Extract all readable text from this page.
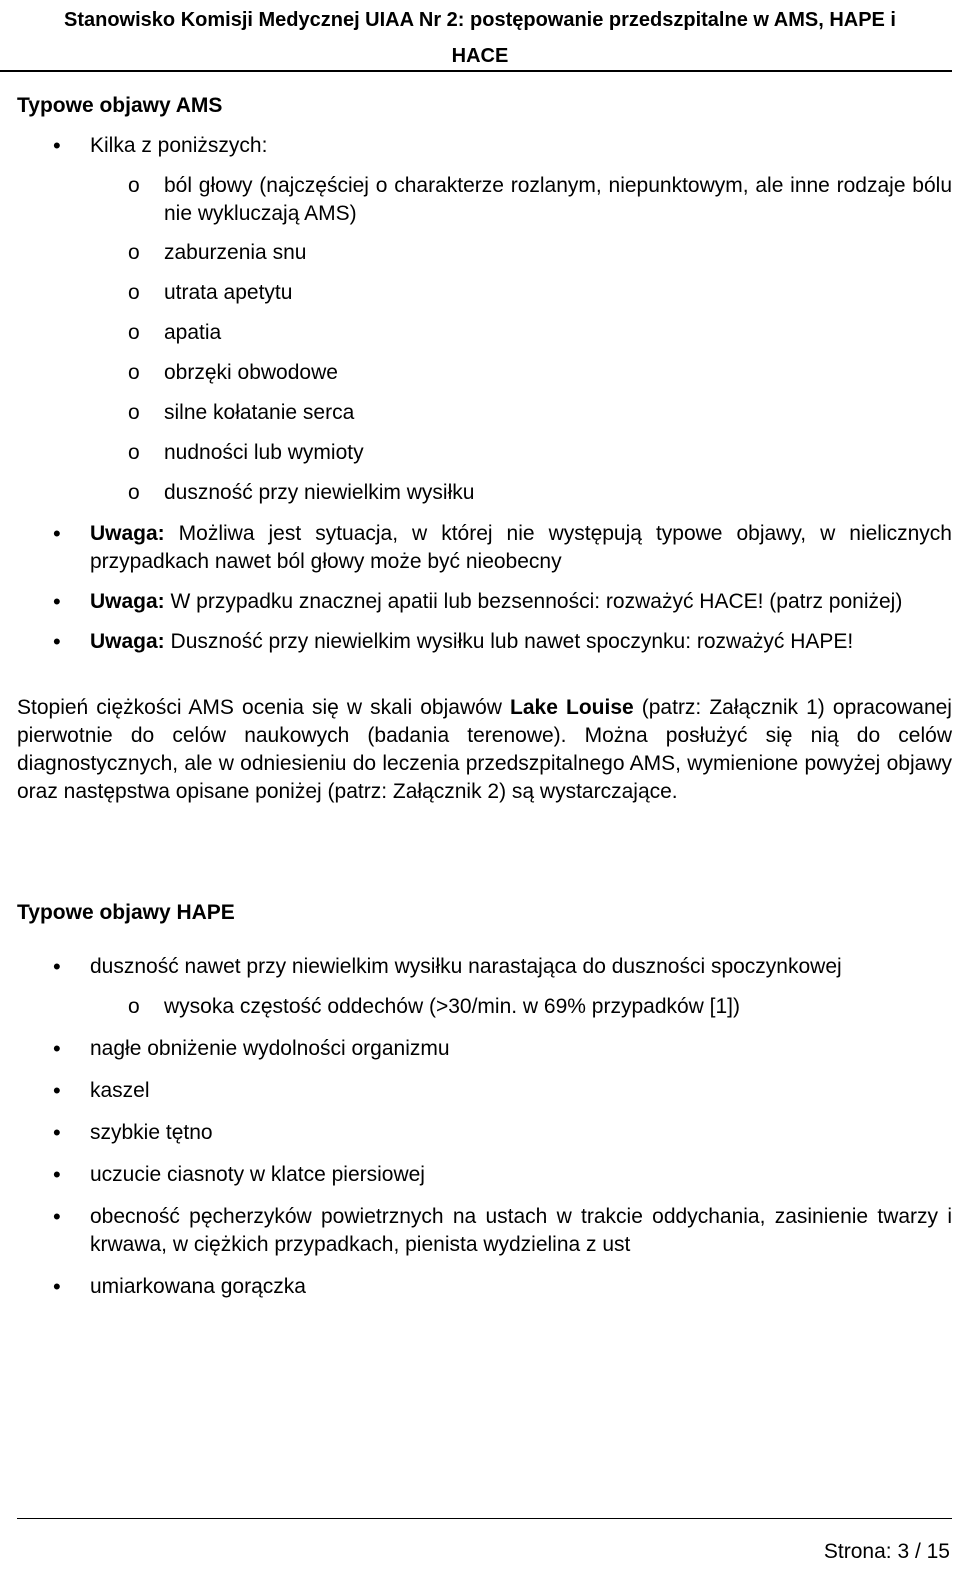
Stanowisko Komisji Medycznej UIAA Nr 2: postępowanie przedszpitalne w AMS, HAPE i
HACE
Typowe objawy AMS
• Kilka z poniższych:
o ból głowy (najczęściej o charakterze rozlanym, niepunktowym, ale inne rodzaje bólu nie wykluczają AMS)
o zaburzenia snu
o utrata apetytu
o apatia
o obrzęki obwodowe
o silne kołatanie serca
o nudności lub wymioty
o duszność przy niewielkim wysiłku
• Uwaga: Możliwa jest sytuacja, w której nie występują typowe objawy, w nielicznych przypadkach nawet ból głowy może być nieobecny
• Uwaga: W przypadku znacznej apatii lub bezsenności: rozważyć HACE! (patrz poniżej)
• Uwaga: Duszność przy niewielkim wysiłku lub nawet spoczynku: rozważyć HAPE!

Stopień ciężkości AMS ocenia się w skali objawów Lake Louise (patrz: Załącznik 1) opracowanej pierwotnie do celów naukowych (badania terenowe). Można posłużyć się nią do celów diagnostycznych, ale w odniesieniu do leczenia przedszpitalnego AMS, wymienione powyżej objawy oraz następstwa opisane poniżej (patrz: Załącznik 2) są wystarczające.

Typowe objawy HAPE
• duszność nawet przy niewielkim wysiłku narastająca do duszności spoczynkowej
o wysoka częstość oddechów (>30/min. w 69% przypadków [1])
• nagłe obniżenie wydolności organizmu
• kaszel
• szybkie tętno
• uczucie ciasnoty w klatce piersiowej
• obecność pęcherzyków powietrznych na ustach w trakcie oddychania, zasinienie twarzy i krwawa, w ciężkich przypadkach, pienista wydzielina z ust
• umiarkowana gorączka
Strona: 3 / 15
